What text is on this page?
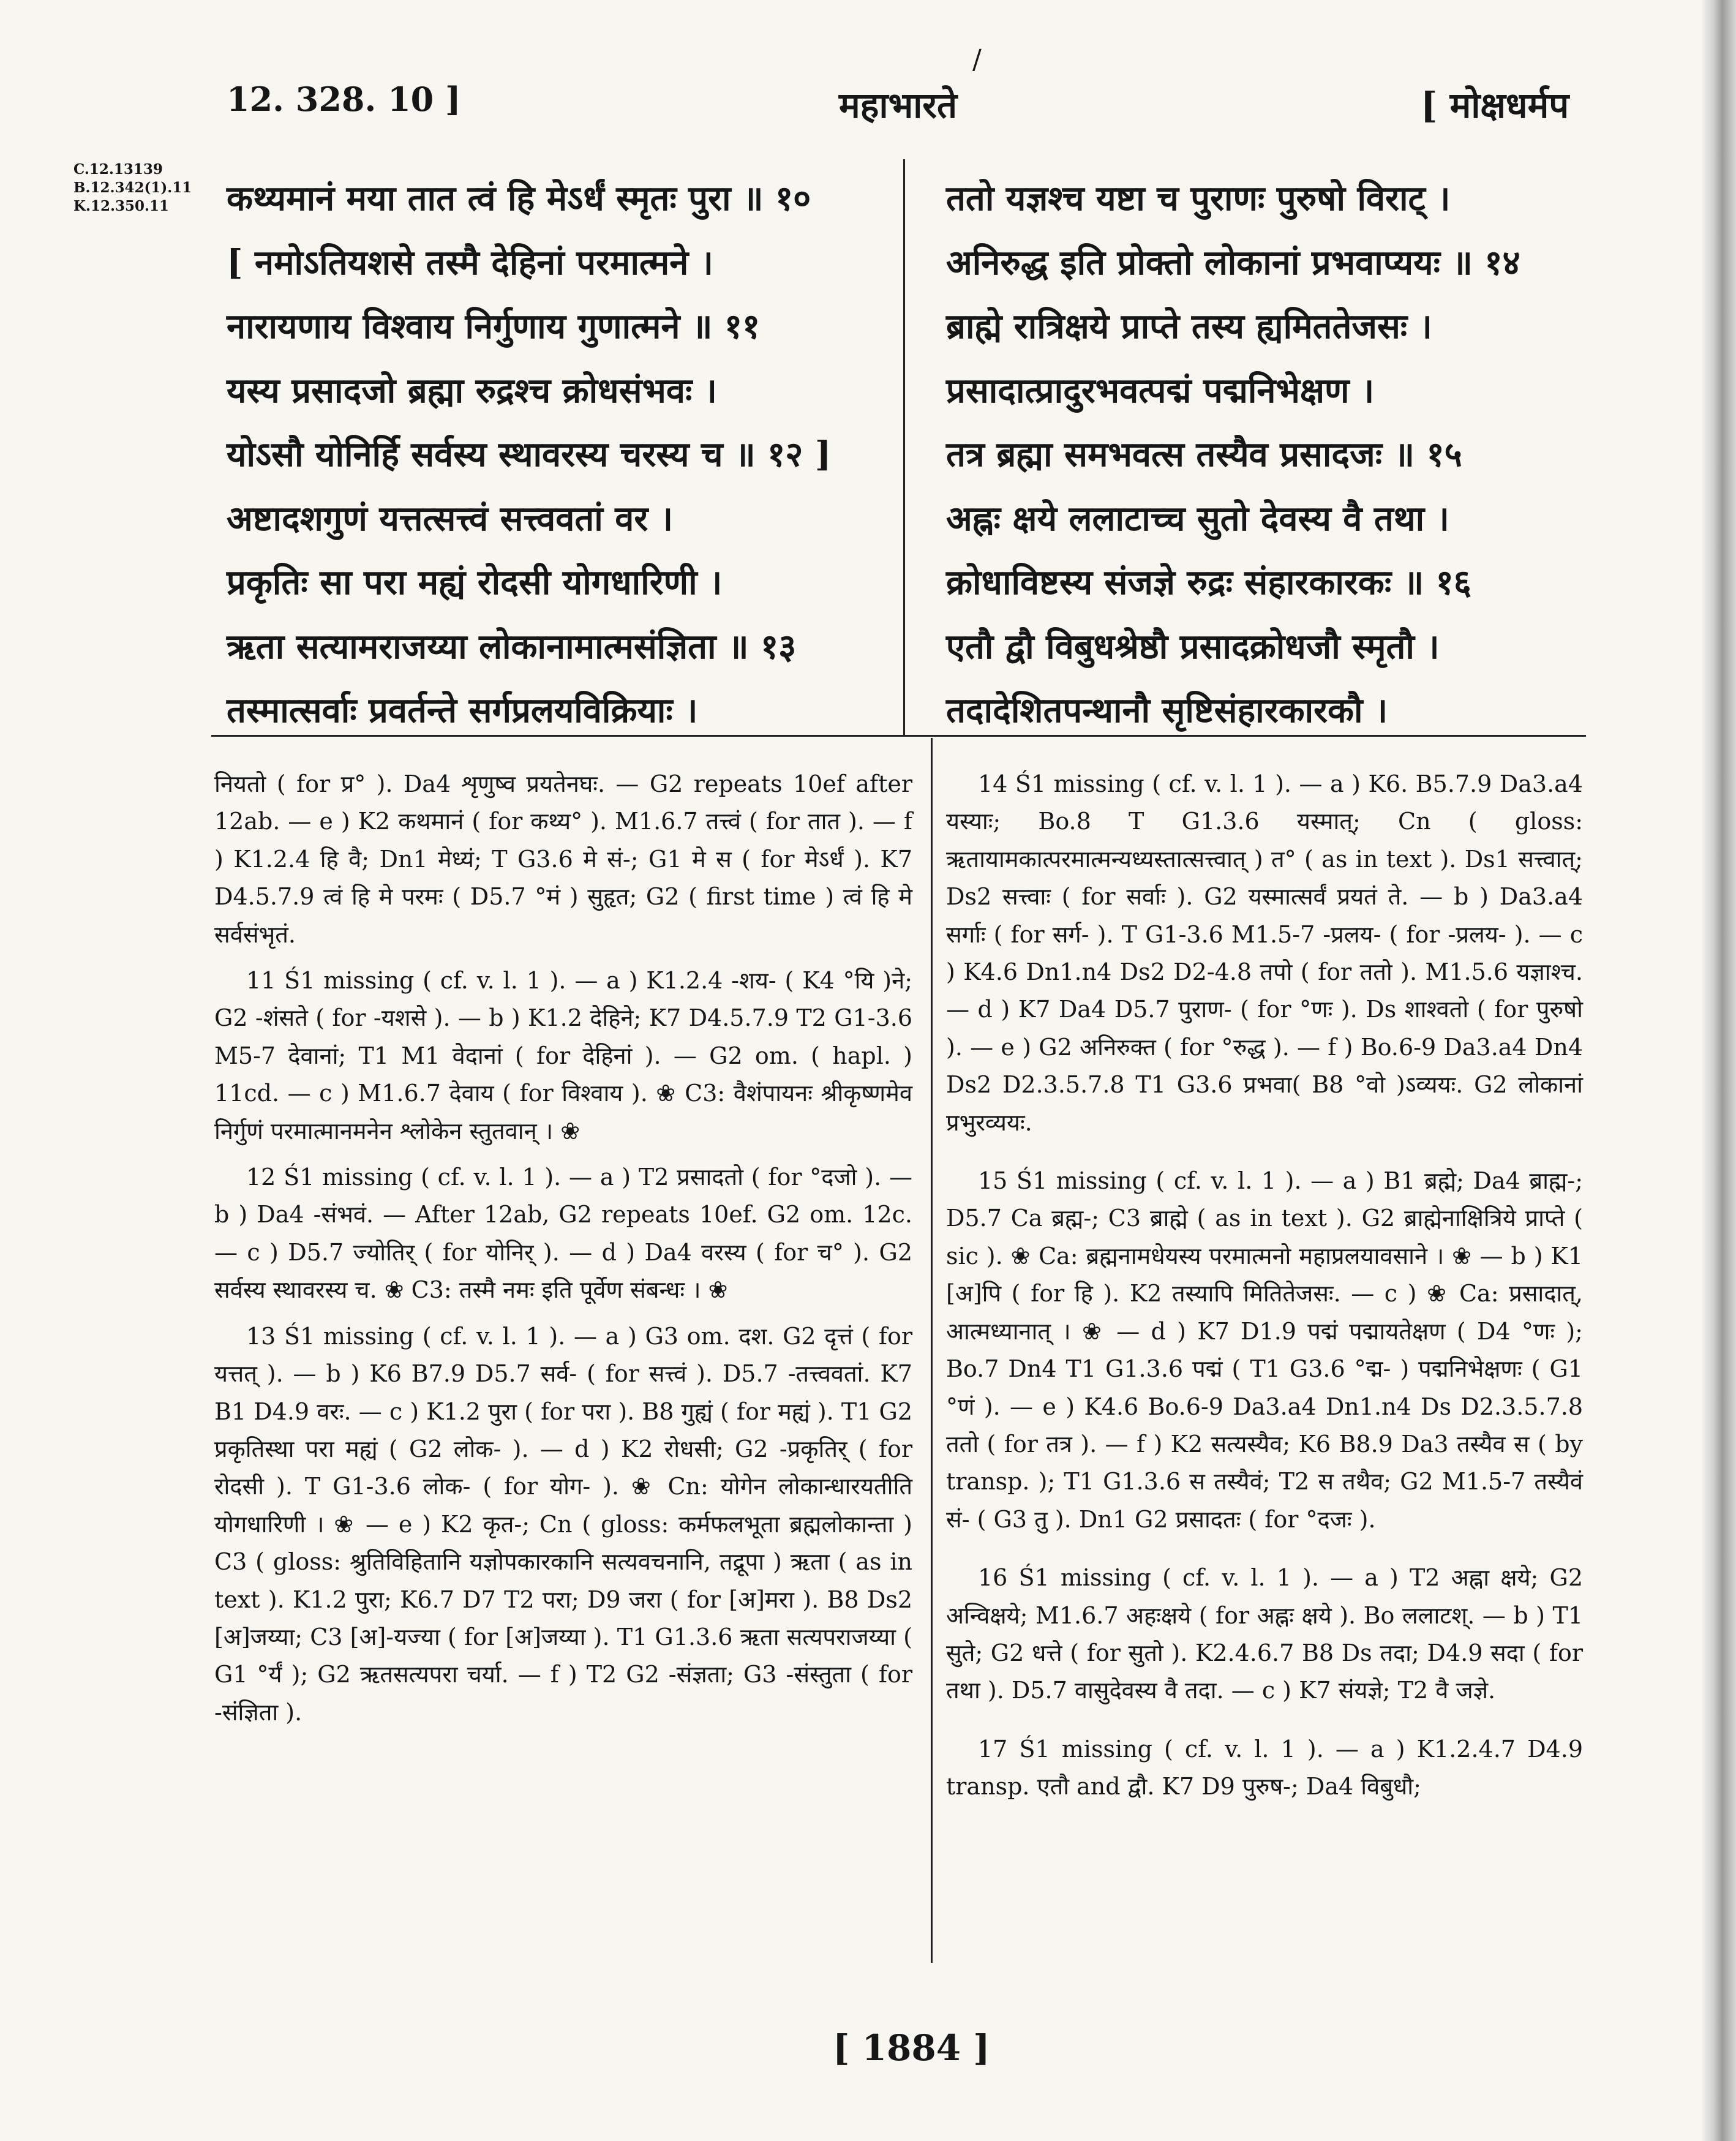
/
12. 328. 10 ]	महाभारते	[ मोक्षधर्मप
C.12.13139
B.12.342(1).11
K.12.350.11	कथ्यमानं मया तात त्वं हि मेऽर्धं स्मृतः पुरा ॥ १०
[ नमोऽतियशसे तस्मै देहिनां परमात्मने ।
नारायणाय विश्वाय निर्गुणाय गुणात्मने ॥ ११
यस्य प्रसादजो ब्रह्मा रुद्रश्च क्रोधसंभवः ।
योऽसौ योनिर्हि सर्वस्य स्थावरस्य चरस्य च ॥ १२ ]
अष्टादशगुणं यत्तत्सत्त्वं सत्त्ववतां वर ।
प्रकृतिः सा परा मह्यं रोदसी योगधारिणी ।
ऋता सत्यामराजय्या लोकानामात्मसंज्ञिता ॥ १३
तस्मात्सर्वाः प्रवर्तन्ते सर्गप्रलयविक्रियाः ।
ततो यज्ञश्च यष्टा च पुराणः पुरुषो विराट् ।
अनिरुद्ध इति प्रोक्तो लोकानां प्रभवाप्ययः ॥ १४
ब्राह्मे रात्रिक्षये प्राप्ते तस्य ह्यमिततेजसः ।
प्रसादात्प्रादुरभवत्पद्मं पद्मनिभेक्षण ।
तत्र ब्रह्मा समभवत्स तस्यैव प्रसादजः ॥ १५
अह्नः क्षये ललाटाच्च सुतो देवस्य वै तथा ।
क्रोधाविष्टस्य संजज्ञे रुद्रः संहारकारकः ॥ १६
एतौ द्वौ विबुधश्रेष्ठौ प्रसादक्रोधजौ स्मृतौ ।
तदादेशितपन्थानौ सृष्टिसंहारकारकौ ।

नियतो ( for प्र° ). Da4 शृणुष्व प्रयतेनघः. — G2 repeats 10ef after 12ab. — e ) K2 कथमानं ( for कथ्य° ). M1.6.7 तत्त्वं ( for तात ). — f ) K1.2.4 हि वै; Dn1 मेध्यं; T G3.6 मे सं-; G1 मे स ( for मेऽर्धं ). K7 D4.5.7.9 त्वं हि मे परमः ( D5.7 °मं ) सुहृत; G2 ( first time ) त्वं हि मे सर्वसंभृतं.

11 Ś1 missing ( cf. v. l. 1 ). — a ) K1.2.4 -शय- ( K4 °यि )ने; G2 -शंसते ( for -यशसे ). — b ) K1.2 देहिने; K7 D4.5.7.9 T2 G1-3.6 M5-7 देवानां; T1 M1 वेदानां ( for देहिनां ). — G2 om. ( hapl. ) 11cd. — c ) M1.6.7 देवाय ( for विश्वाय ). ❀ C3: वैशंपायनः श्रीकृष्णमेव निर्गुणं परमात्मानमनेन श्लोकेन स्तुतवान् । ❀

12 Ś1 missing ( cf. v. l. 1 ). — a ) T2 प्रसादतो ( for °दजो ). — b ) Da4 -संभवं. — After 12ab, G2 repeats 10ef. G2 om. 12c. — c ) D5.7 ज्योतिर् ( for योनिर् ). — d ) Da4 वरस्य ( for च° ). G2 सर्वस्य स्थावरस्य च. ❀ C3: तस्मै नमः इति पूर्वेण संबन्धः । ❀

13 Ś1 missing ( cf. v. l. 1 ). — a ) G3 om. दश. G2 दृत्तं ( for यत्तत् ). — b ) K6 B7.9 D5.7 सर्व- ( for सत्त्वं ). D5.7 -तत्त्ववतां. K7 B1 D4.9 वरः. — c ) K1.2 पुरा ( for परा ). B8 गुह्यं ( for मह्यं ). T1 G2 प्रकृतिस्था परा मह्यं ( G2 लोक- ). — d ) K2 रोधसी; G2 -प्रकृतिर् ( for रोदसी ). T G1-3.6 लोक- ( for योग- ). ❀ Cn: योगेन लोकान्धारयतीति योगधारिणी । ❀ — e ) K2 कृत-; Cn ( gloss: कर्मफलभूता ब्रह्मलोकान्ता ) C3 ( gloss: श्रुतिविहितानि यज्ञोपकारकानि सत्यवचनानि, तद्रूपा ) ऋता ( as in text ). K1.2 पुरा; K6.7 D7 T2 परा; D9 जरा ( for [अ]मरा ). B8 Ds2 [अ]जय्या; C3 [अ]-यज्या ( for [अ]जय्या ). T1 G1.3.6 ऋता सत्यपराजय्या ( G1 °र्यं ); G2 ऋतसत्यपरा चर्या. — f ) T2 G2 -संज्ञता; G3 -संस्तुता ( for -संज्ञिता ).

14 Ś1 missing ( cf. v. l. 1 ). — a ) K6. B5.7.9 Da3.a4 यस्याः; Bo.8 T G1.3.6 यस्मात्; Cn ( gloss: ऋतायामकात्परमात्मन्यध्यस्तात्सत्त्वात् ) त° ( as in text ). Ds1 सत्त्वात्; Ds2 सत्त्वाः ( for सर्वाः ). G2 यस्मात्सर्वं प्रयतं ते. — b ) Da3.a4 सर्गाः ( for सर्ग- ). T G1-3.6 M1.5-7 -प्रलय- ( for -प्रलय- ). — c ) K4.6 Dn1.n4 Ds2 D2-4.8 तपो ( for ततो ). M1.5.6 यज्ञाश्च. — d ) K7 Da4 D5.7 पुराण- ( for °णः ). Ds शाश्वतो ( for पुरुषो ). — e ) G2 अनिरुक्त ( for °रुद्ध ). — f ) Bo.6-9 Da3.a4 Dn4 Ds2 D2.3.5.7.8 T1 G3.6 प्रभवा( B8 °वो )ऽव्ययः. G2 लोकानां प्रभुरव्ययः.

15 Ś1 missing ( cf. v. l. 1 ). — a ) B1 ब्रह्मे; Da4 ब्राह्म-; D5.7 Ca ब्रह्म-; C3 ब्राह्मे ( as in text ). G2 ब्राह्मेनाक्षित्रिये प्राप्ते ( sic ). ❀ Ca: ब्रह्मनामधेयस्य परमात्मनो महाप्रलयावसाने । ❀ — b ) K1 [अ]पि ( for हि ). K2 तस्यापि मितितेजसः. — c ) ❀ Ca: प्रसादात्, आत्मध्यानात् । ❀ — d ) K7 D1.9 पद्मं पद्मायतेक्षण ( D4 °णः ); Bo.7 Dn4 T1 G1.3.6 पद्मं ( T1 G3.6 °द्म- ) पद्मनिभेक्षणः ( G1 °णं ). — e ) K4.6 Bo.6-9 Da3.a4 Dn1.n4 Ds D2.3.5.7.8 ततो ( for तत्र ). — f ) K2 सत्यस्यैव; K6 B8.9 Da3 तस्यैव स ( by transp. ); T1 G1.3.6 स तस्यैवं; T2 स तथैव; G2 M1.5-7 तस्यैवं सं- ( G3 तु ). Dn1 G2 प्रसादतः ( for °दजः ).

16 Ś1 missing ( cf. v. l. 1 ). — a ) T2 अह्ना क्षये; G2 अन्विक्षये; M1.6.7 अहःक्षये ( for अह्नः क्षये ). Bo ललाटश्. — b ) T1 सुते; G2 धत्ते ( for सुतो ). K2.4.6.7 B8 Ds तदा; D4.9 सदा ( for तथा ). D5.7 वासुदेवस्य वै तदा. — c ) K7 संयज्ञे; T2 वै जज्ञे.

17 Ś1 missing ( cf. v. l. 1 ). — a ) K1.2.4.7 D4.9 transp. एतौ and द्वौ. K7 D9 पुरुष-; Da4 विबुधौ;

[ 1884 ]
